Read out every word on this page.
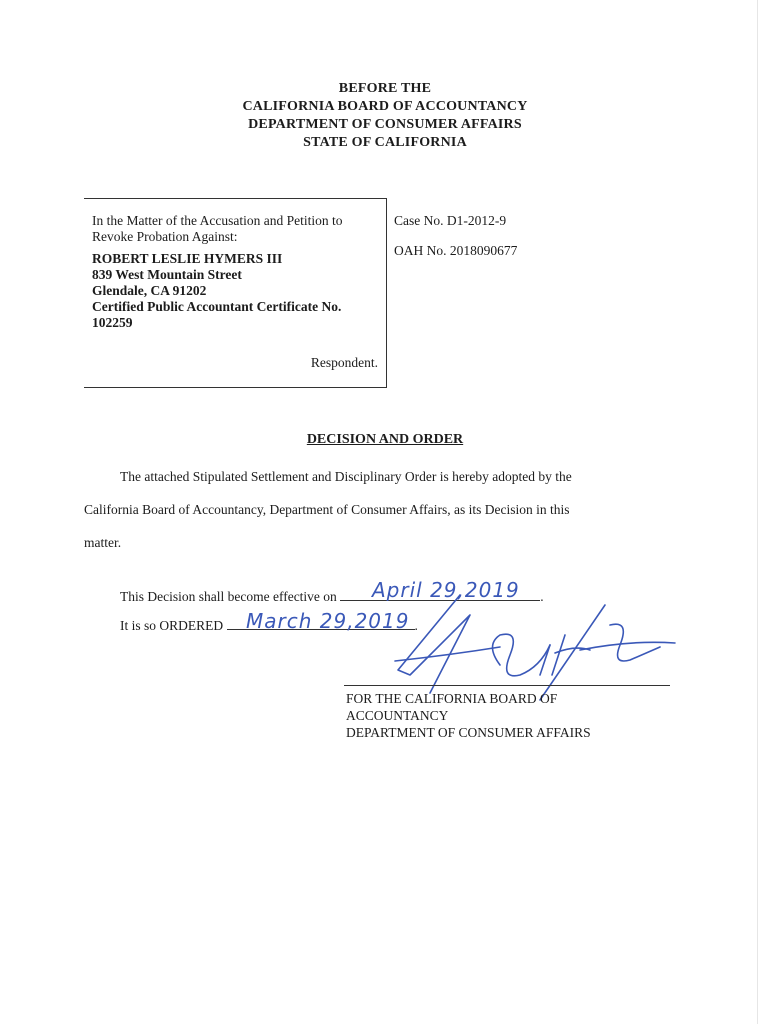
BEFORE THE
CALIFORNIA BOARD OF ACCOUNTANCY
DEPARTMENT OF CONSUMER AFFAIRS
STATE OF CALIFORNIA
In the Matter of the Accusation and Petition to
Revoke Probation Against:
ROBERT LESLIE HYMERS III
839 West Mountain Street
Glendale, CA 91202
Certified Public Accountant Certificate No.
102259
Respondent.
Case No. D1-2012-9
OAH No. 2018090677
DECISION AND ORDER
The attached Stipulated Settlement and Disciplinary Order is hereby adopted by the
California Board of Accountancy, Department of Consumer Affairs, as its Decision in this
matter.
This Decision shall become effective on	.
It is so ORDERED	.
April 29,2019
March 29,2019
FOR THE CALIFORNIA BOARD OF
ACCOUNTANCY
DEPARTMENT OF CONSUMER AFFAIRS
